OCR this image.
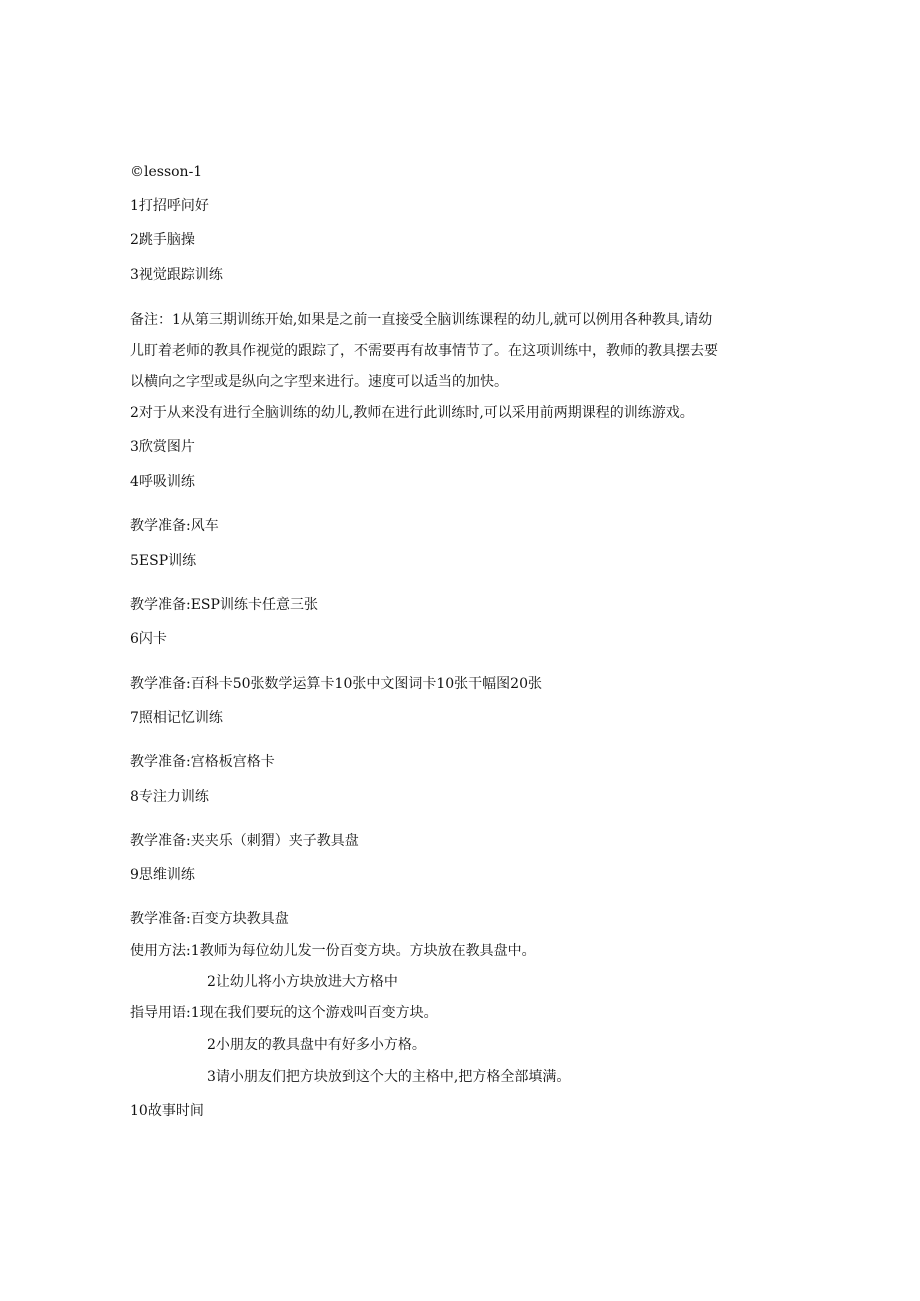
©lesson-1

1打招呼问好

2跳手脑操

3视觉跟踪训练

备注：1从第三期训练开始,如果是之前一直接受全脑训练课程的幼儿,就可以例用各种教具,请幼

儿盯着老师的教具作视觉的跟踪了，不需要再有故事情节了。在这项训练中，教师的教具摆去要

以横向之字型或是纵向之字型来进行。速度可以适当的加快。

2对于从来没有进行全脑训练的幼儿,教师在进行此训练时,可以采用前两期课程的训练游戏。

3欣赏图片

4呼吸训练

教学准备:风车

5ESP训练

教学准备:ESP训练卡任意三张

6闪卡

教学准备:百科卡50张数学运算卡10张中文图词卡10张干幅图20张

7照相记忆训练

教学准备:宫格板宫格卡

8专注力训练

教学准备:夹夹乐（刺猬）夹子教具盘

9思维训练

教学准备:百变方块教具盘

使用方法:1教师为每位幼儿发一份百变方块。方块放在教具盘中。

2让幼儿将小方块放进大方格中

指导用语:1现在我们要玩的这个游戏叫百变方块。

2小朋友的教具盘中有好多小方格。

3请小朋友们把方块放到这个大的主格中,把方格全部填满。

10故事时间
